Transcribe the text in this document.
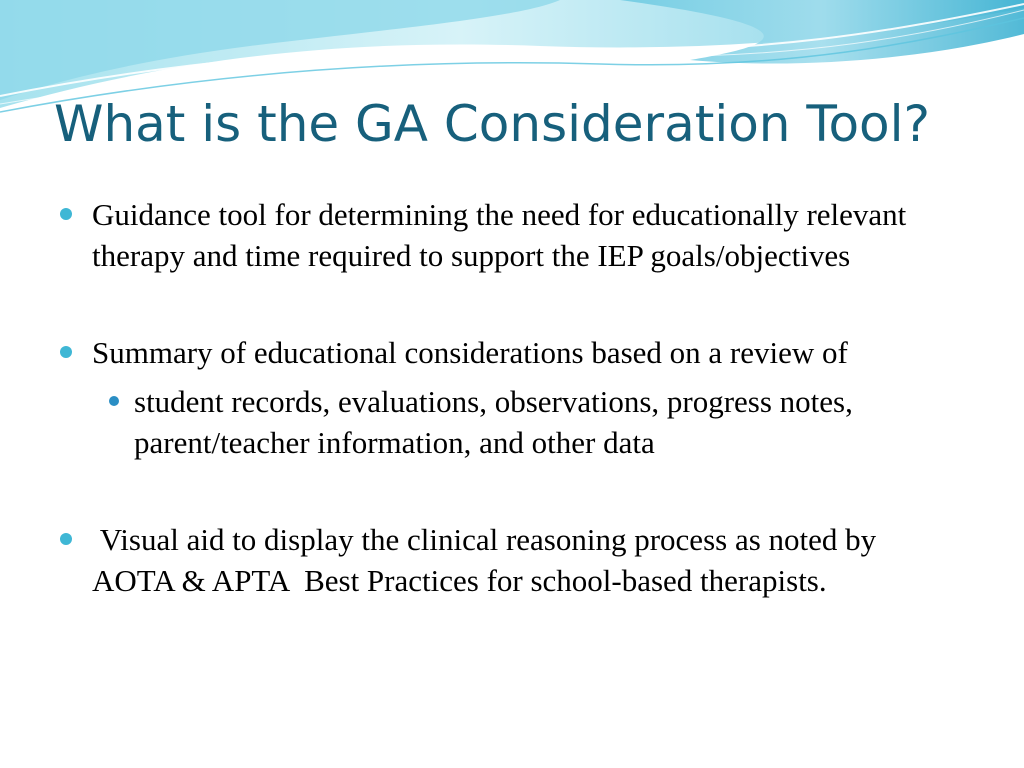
What is the GA Consideration Tool?
Guidance tool for determining the need for educationally relevant therapy and time required to support the IEP goals/objectives
Summary of educational considerations based on a review of
student records, evaluations, observations, progress notes, parent/teacher information, and other data
Visual aid to display the clinical reasoning process as noted by AOTA & APTA  Best Practices for school-based therapists.
